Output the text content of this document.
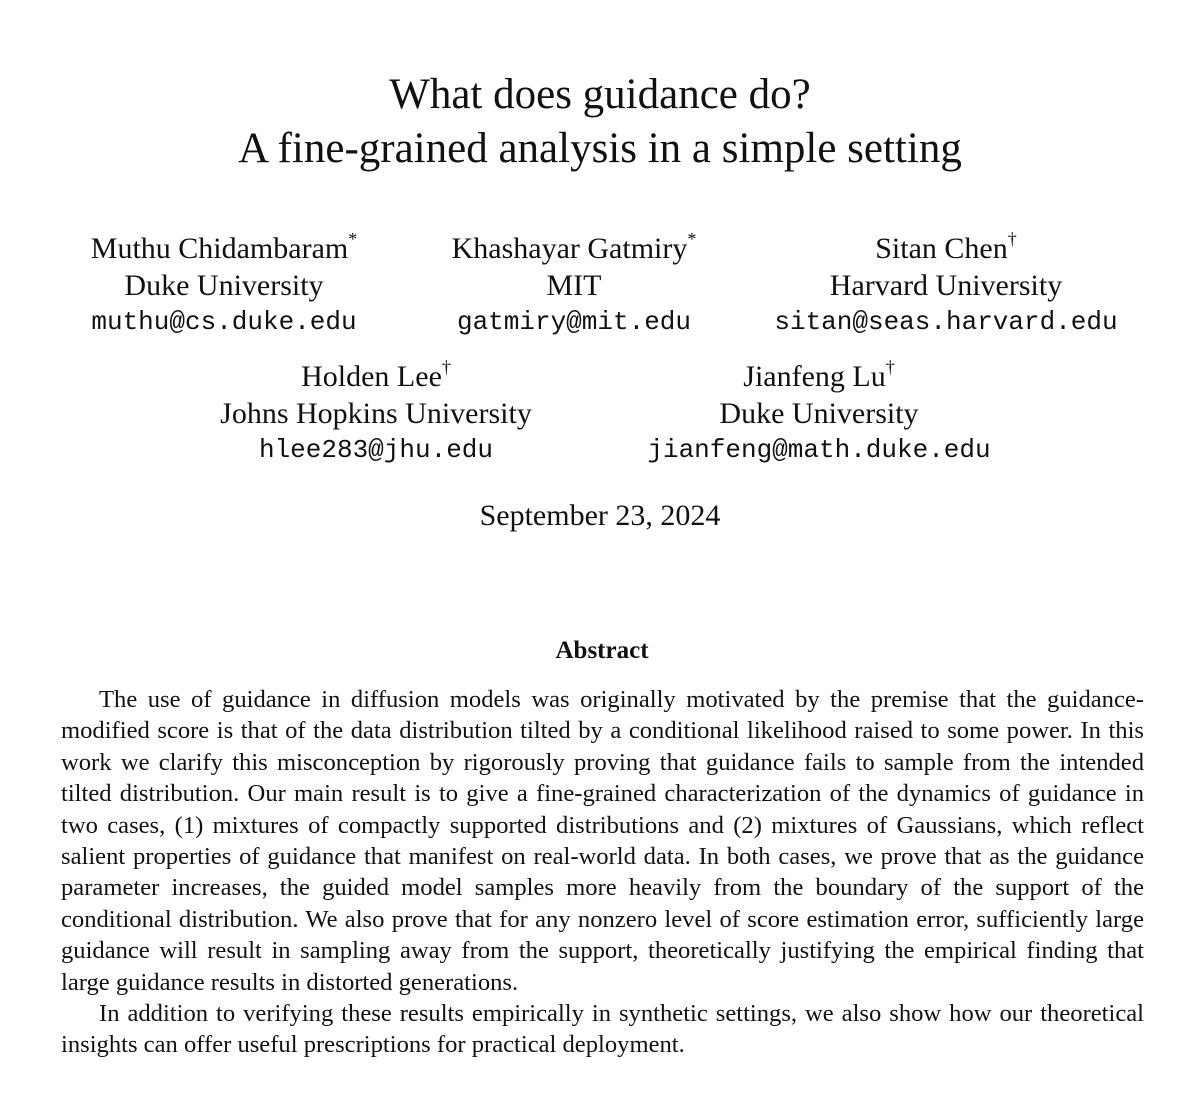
What does guidance do?
A fine-grained analysis in a simple setting
Muthu Chidambaram*
Duke University
muthu@cs.duke.edu
Khashayar Gatmiry*
MIT
gatmiry@mit.edu
Sitan Chen†
Harvard University
sitan@seas.harvard.edu
Holden Lee†
Johns Hopkins University
hlee283@jhu.edu
Jianfeng Lu†
Duke University
jianfeng@math.duke.edu
September 23, 2024
Abstract

The use of guidance in diffusion models was originally motivated by the premise that the guidance-modified score is that of the data distribution tilted by a conditional likelihood raised to some power. In this work we clarify this misconception by rigorously proving that guidance fails to sample from the intended tilted distribution. Our main result is to give a fine-grained characterization of the dynamics of guidance in two cases, (1) mixtures of compactly supported distributions and (2) mixtures of Gaussians, which reflect salient properties of guidance that manifest on real-world data. In both cases, we prove that as the guidance parameter increases, the guided model samples more heavily from the boundary of the support of the conditional distribution. We also prove that for any nonzero level of score estimation error, sufficiently large guidance will result in sampling away from the support, theoretically justifying the empirical finding that large guidance results in distorted generations.

In addition to verifying these results empirically in synthetic settings, we also show how our theoretical insights can offer useful prescriptions for practical deployment.
